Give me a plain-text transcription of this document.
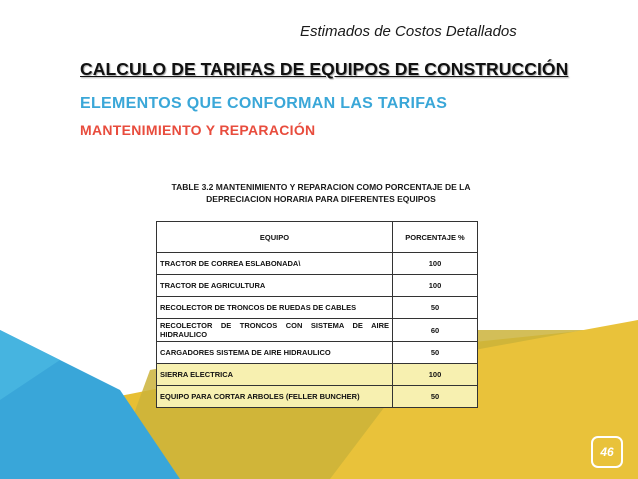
Estimados de Costos Detallados
CALCULO DE TARIFAS DE EQUIPOS DE CONSTRUCCIÓN
ELEMENTOS QUE CONFORMAN LAS TARIFAS
MANTENIMIENTO Y REPARACIÓN
TABLE 3.2 MANTENIMIENTO Y REPARACION COMO PORCENTAJE DE LA DEPRECIACION HORARIA PARA DIFERENTES EQUIPOS
EQUIPO	PORCENTAJE %
TRACTOR DE CORREA ESLABONADA\	100
TRACTOR DE AGRICULTURA	100
RECOLECTOR DE TRONCOS DE RUEDAS DE CABLES	50
RECOLECTOR DE TRONCOS CON SISTEMA DE AIRE HIDRAULICO	60
CARGADORES SISTEMA DE AIRE HIDRAULICO	50
SIERRA ELECTRICA	100
EQUIPO PARA CORTAR ARBOLES (FELLER BUNCHER)	50
46
